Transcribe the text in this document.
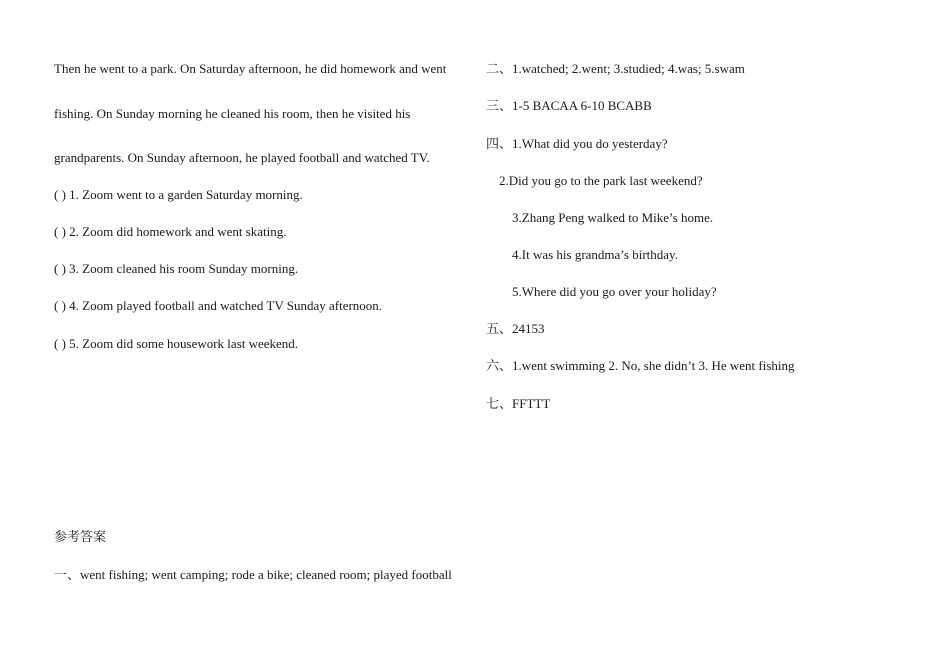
Then he went to a park. On Saturday afternoon, he did homework and went
fishing. On Sunday morning he cleaned his room, then he visited his
grandparents. On Sunday afternoon, he played football and watched TV.
( ) 1. Zoom went to a garden Saturday morning.
( ) 2. Zoom did homework and went skating.
( ) 3. Zoom cleaned his room Sunday morning.
( ) 4. Zoom played football and watched TV Sunday afternoon.
( ) 5. Zoom did some housework last weekend.
参考答案
一、went fishing; went camping; rode a bike; cleaned room; played football
二、1.watched; 2.went; 3.studied; 4.was; 5.swam
三、1-5 BACAA 6-10 BCABB
四、1.What did you do yesterday?
2.Did you go to the park last weekend?
3.Zhang Peng walked to Mike’s home.
4.It was his grandma’s birthday.
5.Where did you go over your holiday?
五、24153
六、1.went swimming 2. No, she didn’t 3. He went fishing
七、FFTTT
